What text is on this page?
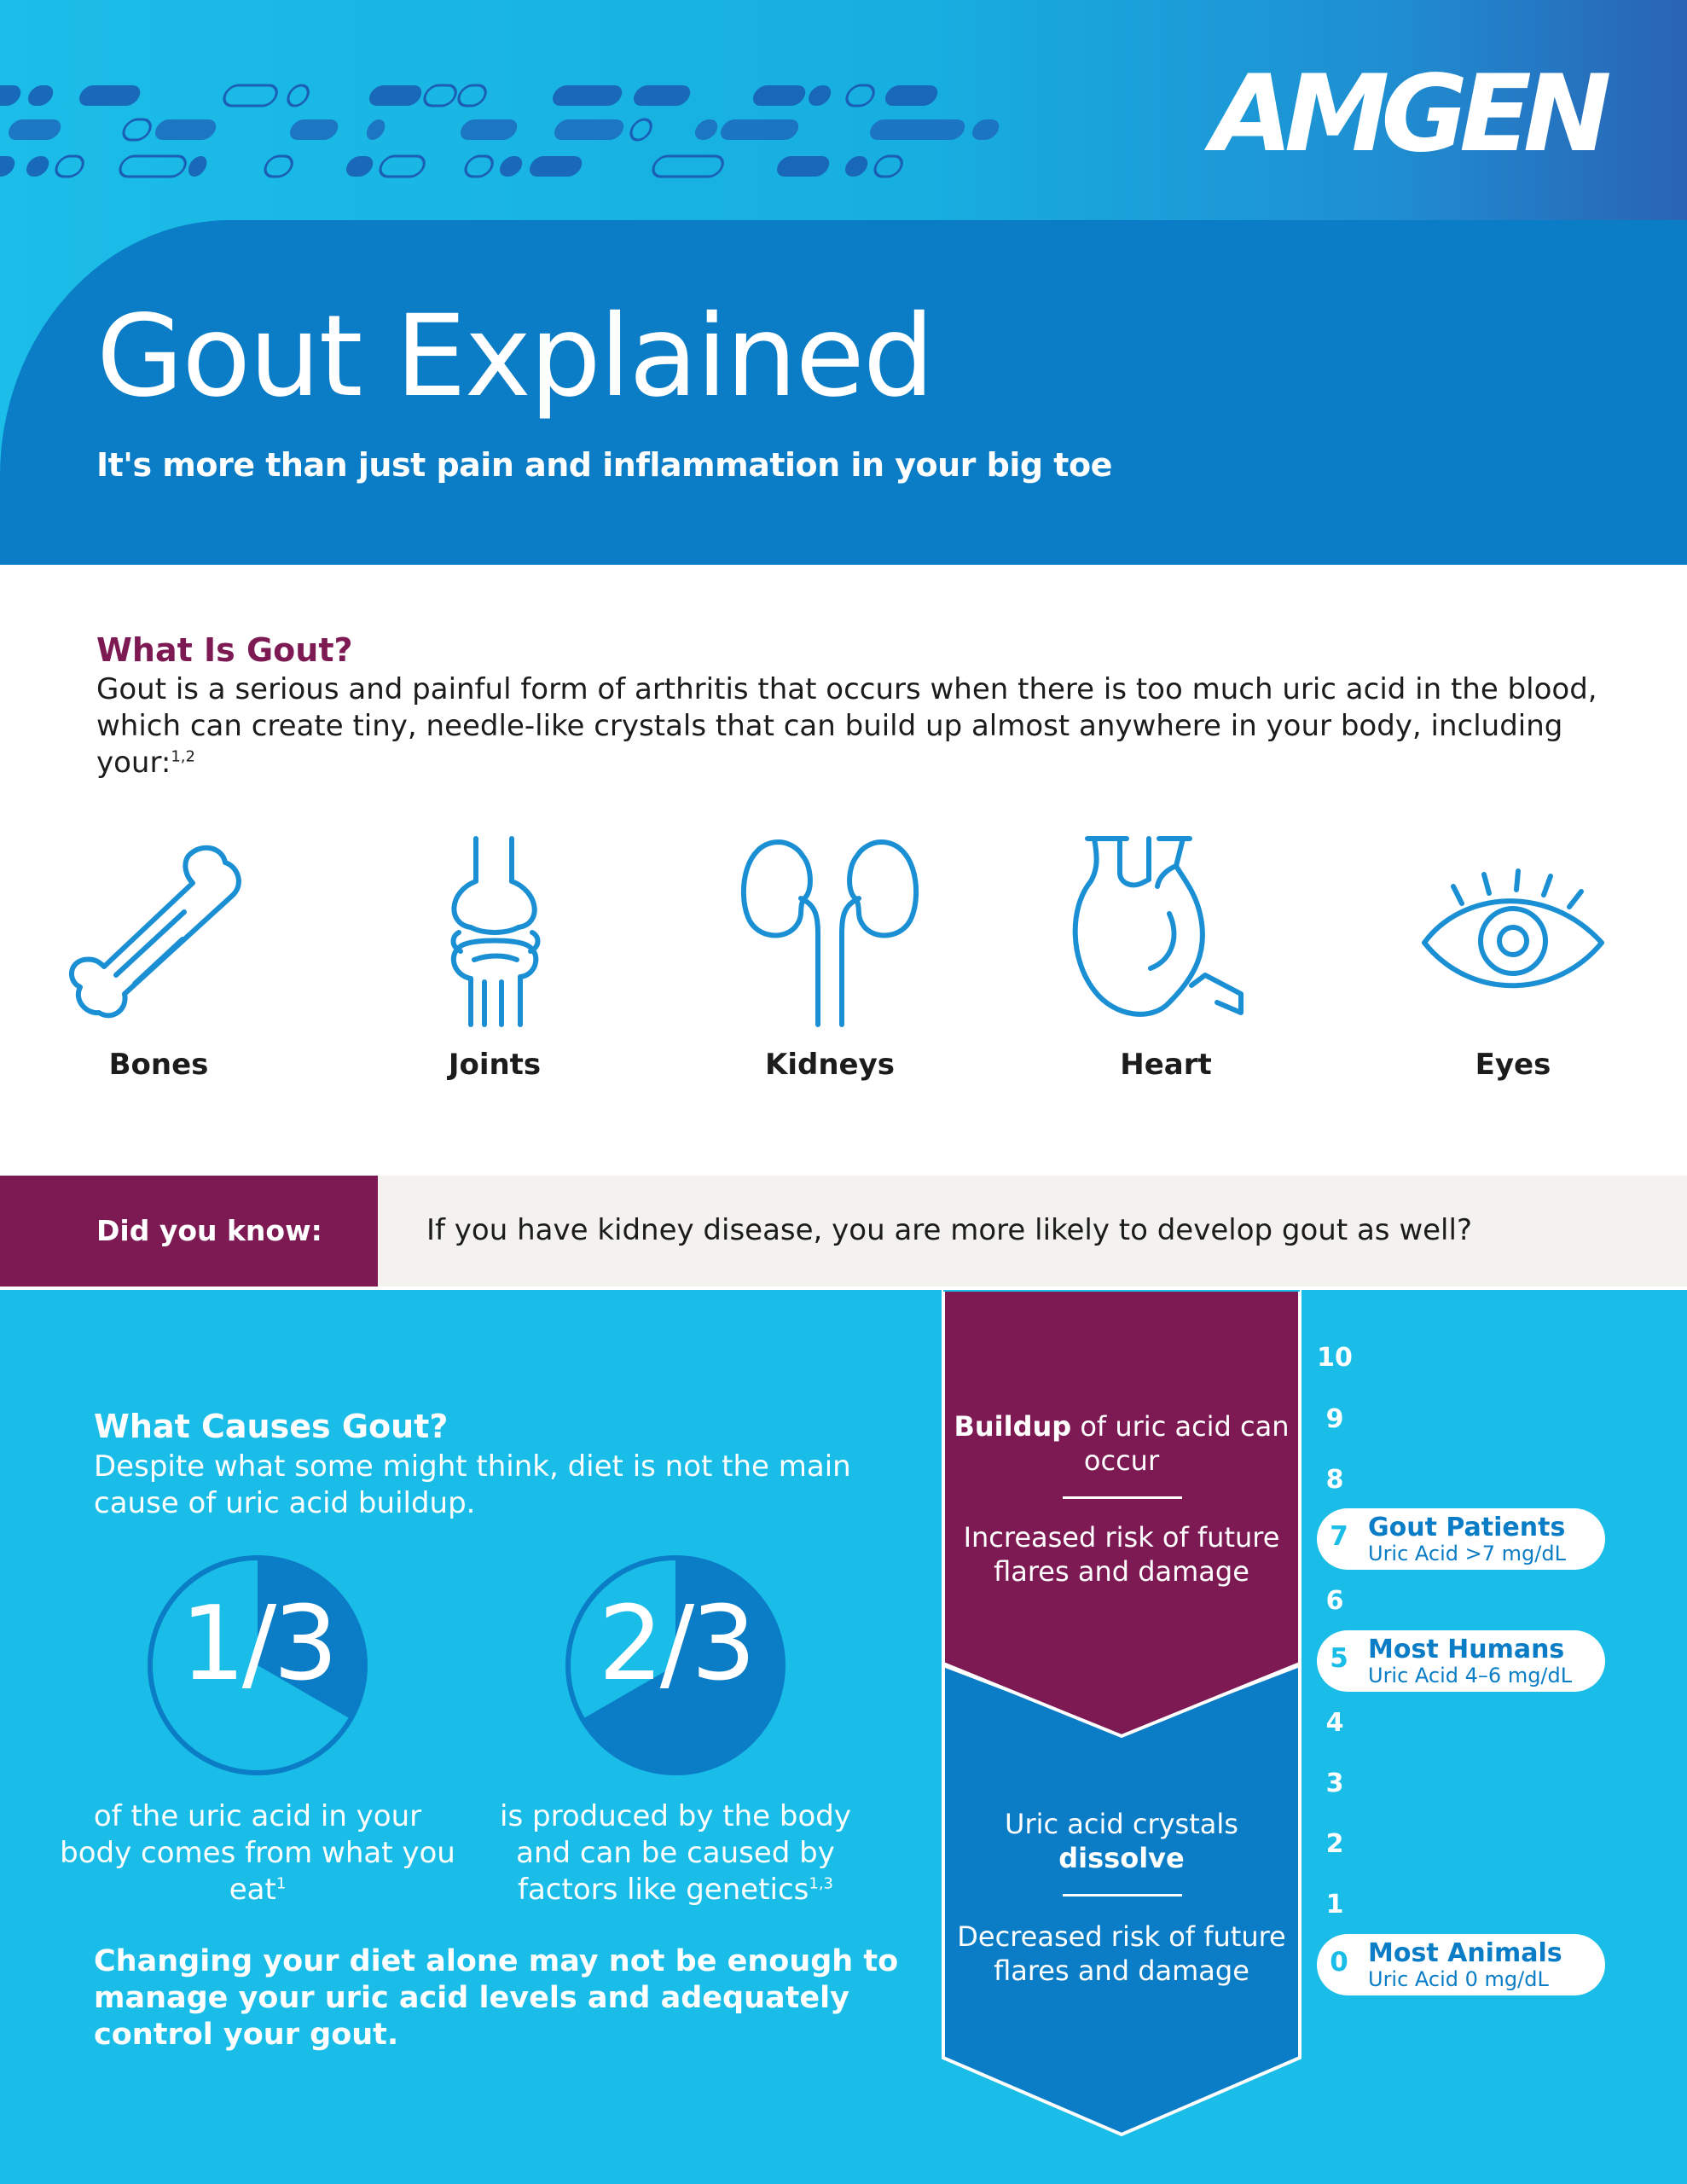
AMGEN
Gout Explained
It's more than just pain and inflammation in your big toe
What Is Gout?

Gout is a serious and painful form of arthritis that occurs when there is too much uric acid in the blood, which can create tiny, needle-like crystals that can build up almost anywhere in your body, including your:$^{1,2}$

Bones	Joints	Kidneys	Heart	Eyes
Did you know:	If you have kidney disease, you are more likely to develop gout as well?
What Causes Gout?

Despite what some might think, diet is not the main cause of uric acid buildup.

1/3

of the uric acid in your body comes from what you eat$^1$

2/3

is produced by the body and can be caused by factors like genetics$^{1,3}$

Changing your diet alone may not be enough to manage your uric acid levels and adequately control your gout.

Buildup of uric acid can occur
Increased risk of future flares and damage
Uric acid crystals
dissolve
Decreased risk of future flares and damage
10
9
8
6
4
3
2
1
7 Gout Patients
Uric Acid >7 mg/dL
5 Most Humans
Uric Acid 4–6 mg/dL
0 Most Animals
Uric Acid 0 mg/dL
